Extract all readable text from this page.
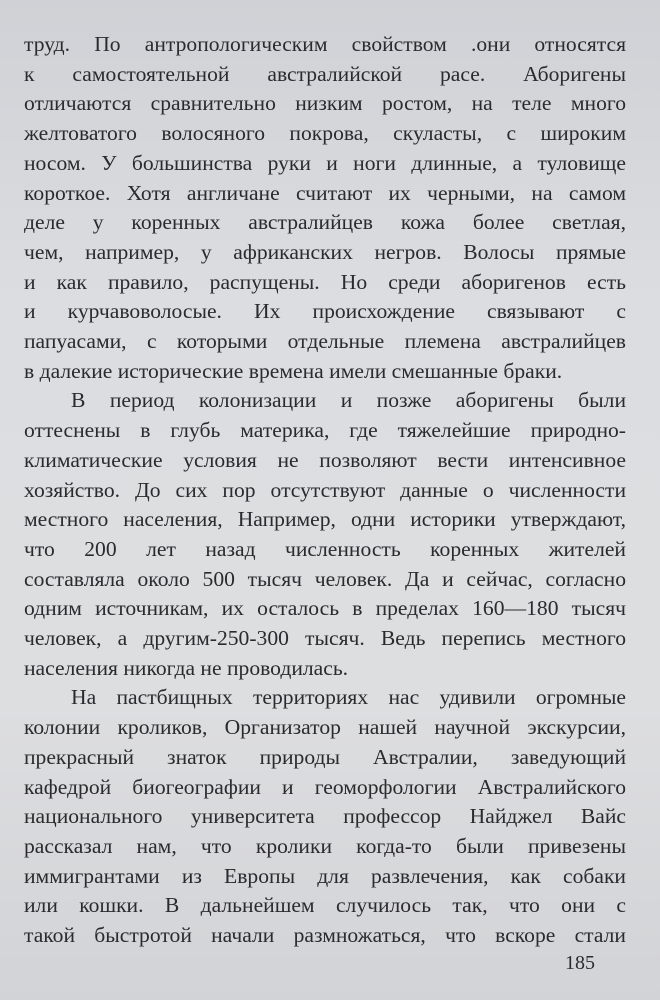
труд. По антропологическим свойством .они относятся
к самостоятельной австралийской расе. Аборигены
отличаются сравнительно низким ростом, на теле много
желтоватого волосяного покрова, скуласты, с широким
носом. У большинства руки и ноги длинные, а туловище
короткое. Хотя англичане считают их черными, на самом
деле у коренных австралийцев кожа более светлая,
чем, например, у африканских негров. Волосы прямые
и как правило, распущены. Но среди аборигенов есть
и курчавоволосые. Их происхождение связывают с
папуасами, с которыми отдельные племена австралийцев
в далекие исторические времена имели смешанные браки.
В период колонизации и позже аборигены были
оттеснены в глубь материка, где тяжелейшие природно-
климатические условия не позволяют вести интенсивное
хозяйство. До сих пор отсутствуют данные о численности
местного населения, Например, одни историки утверждают,
что 200 лет назад численность коренных жителей
составляла около 500 тысяч человек. Да и сейчас, согласно
одним источникам, их осталось в пределах 160—180 тысяч
человек, а другим-250-300 тысяч. Ведь перепись местного
населения никогда не проводилась.
На пастбищных территориях нас удивили огромные
колонии кроликов, Организатор нашей научной экскурсии,
прекрасный знаток природы Австралии, заведующий
кафедрой биогеографии и геоморфологии Австралийского
национального университета профессор Найджел Вайс
рассказал нам, что кролики когда-то были привезены
иммигрантами из Европы для развлечения, как собаки
или кошки. В дальнейшем случилось так, что они с
такой быстротой начали размножаться, что вскоре стали
185
